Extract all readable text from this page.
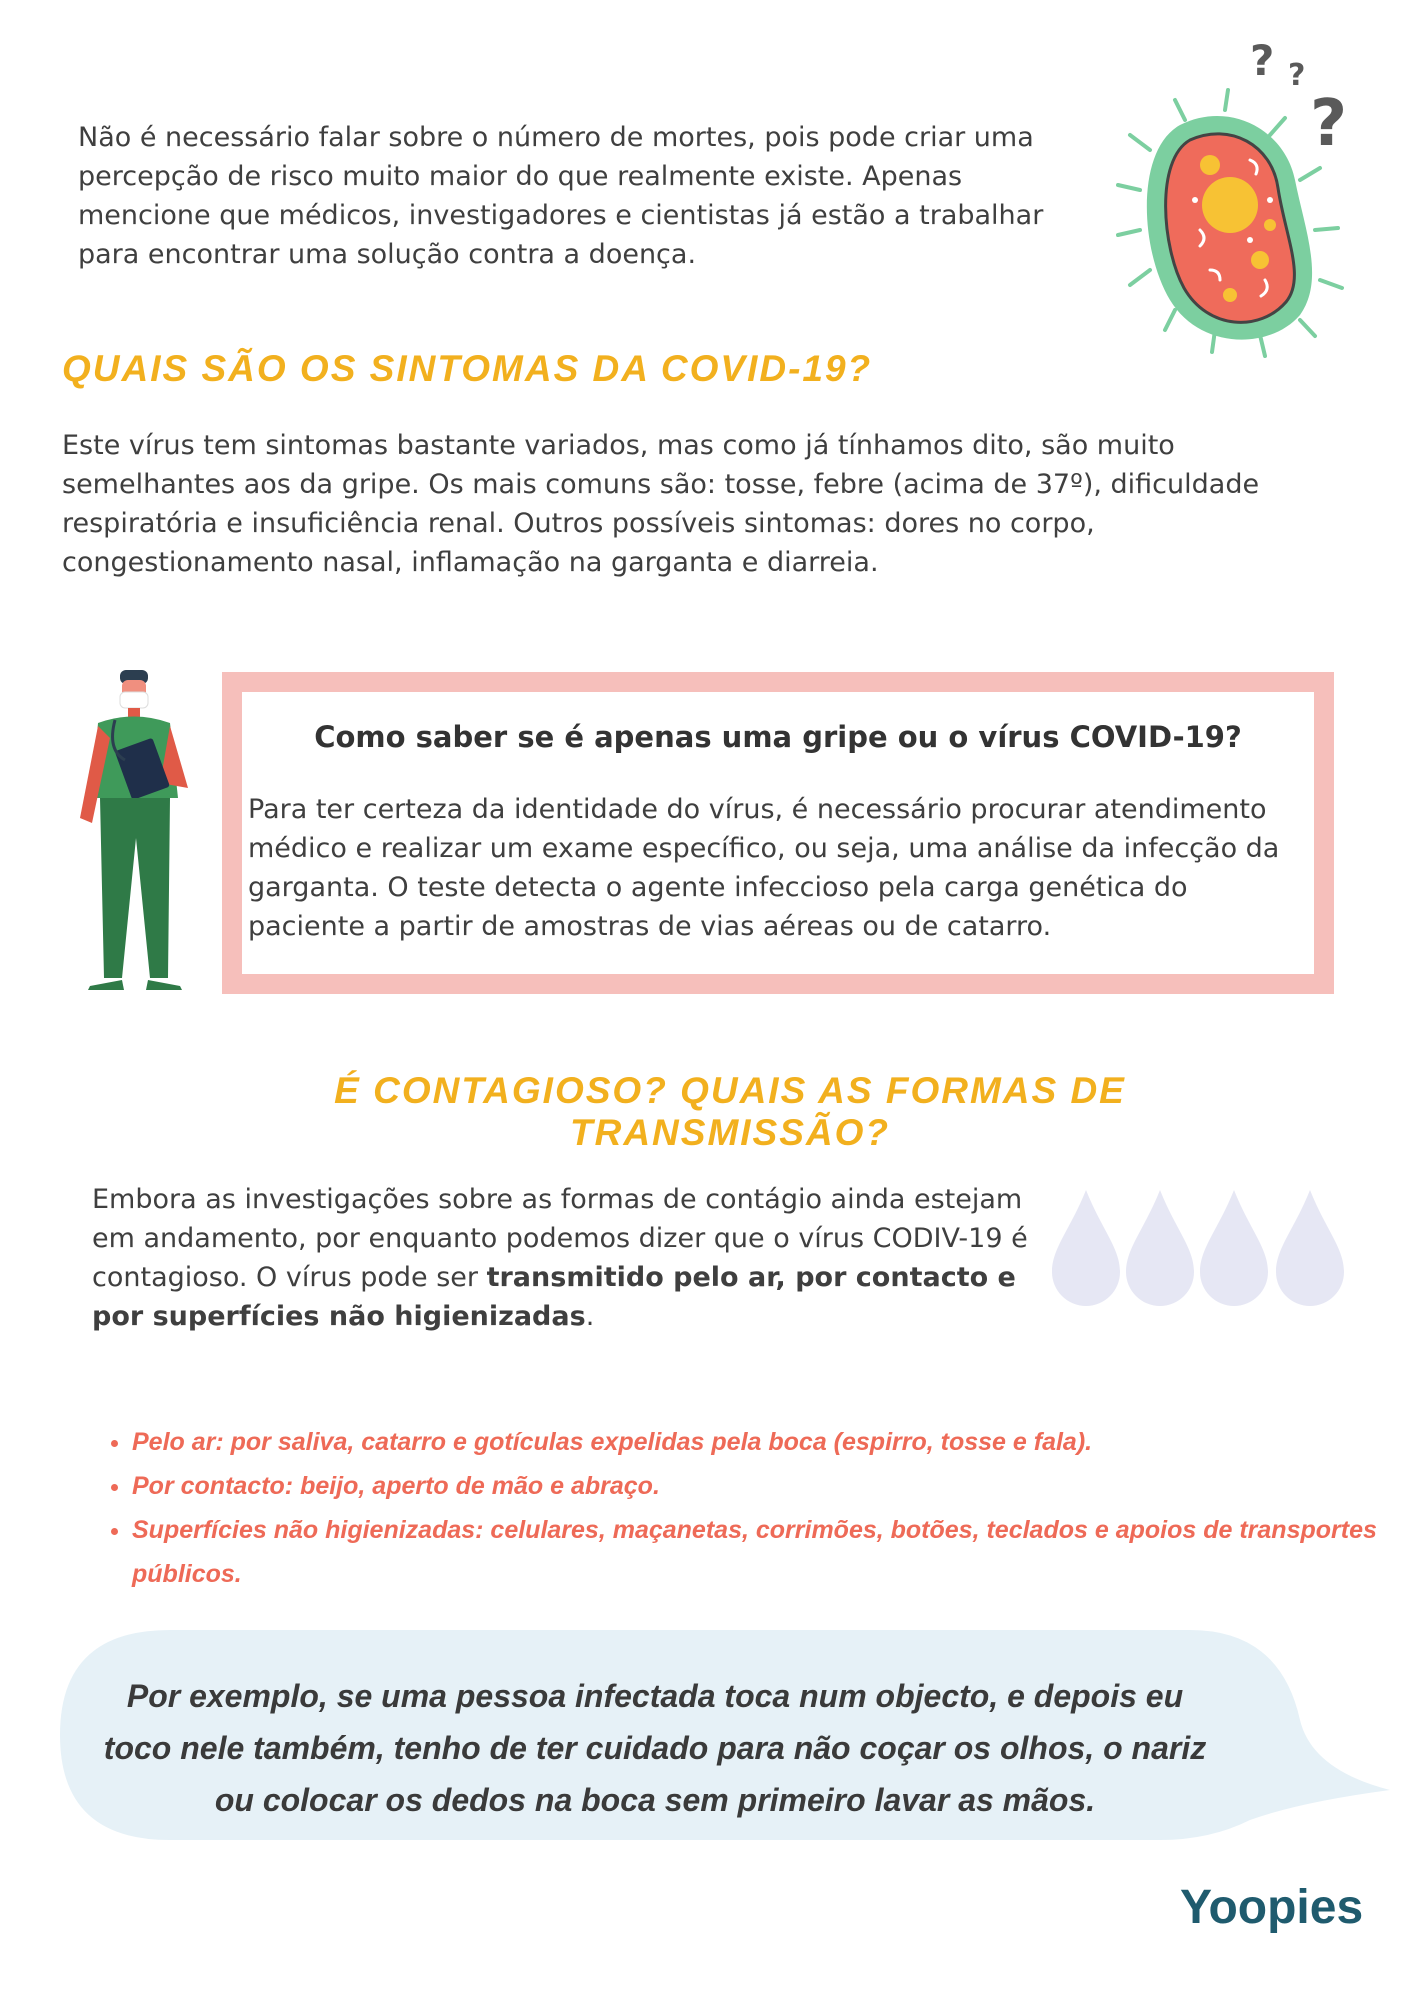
? ?
?
Não é necessário falar sobre o número de mortes, pois pode criar uma percepção de risco muito maior do que realmente existe. Apenas mencione que médicos, investigadores e cientistas já estão a trabalhar para encontrar uma solução contra a doença.
QUAIS SÃO OS SINTOMAS DA COVID-19?
Este vírus tem sintomas bastante variados, mas como já tínhamos dito, são muito semelhantes aos da gripe. Os mais comuns são: tosse, febre (acima de 37º), dificuldade respiratória e insuficiência renal. Outros possíveis sintomas: dores no corpo, congestionamento nasal, inflamação na garganta e diarreia.
Como saber se é apenas uma gripe ou o vírus COVID-19?
Para ter certeza da identidade do vírus, é necessário procurar atendimento médico e realizar um exame específico, ou seja, uma análise da infecção da garganta. O teste detecta o agente infeccioso pela carga genética do paciente a partir de amostras de vias aéreas ou de catarro.
É CONTAGIOSO? QUAIS AS FORMAS DE TRANSMISSÃO?
Embora as investigações sobre as formas de contágio ainda estejam em andamento, por enquanto podemos dizer que o vírus CODIV-19 é contagioso. O vírus pode ser transmitido pelo ar, por contacto e por superfícies não higienizadas.
• Pelo ar: por saliva, catarro e gotículas expelidas pela boca (espirro, tosse e fala).
• Por contacto: beijo, aperto de mão e abraço.
• Superfícies não higienizadas: celulares, maçanetas, corrimões, botões, teclados e apoios de transportes públicos.
Por exemplo, se uma pessoa infectada toca num objecto, e depois eu toco nele também, tenho de ter cuidado para não coçar os olhos, o nariz ou colocar os dedos na boca sem primeiro lavar as mãos.
Yoopies
